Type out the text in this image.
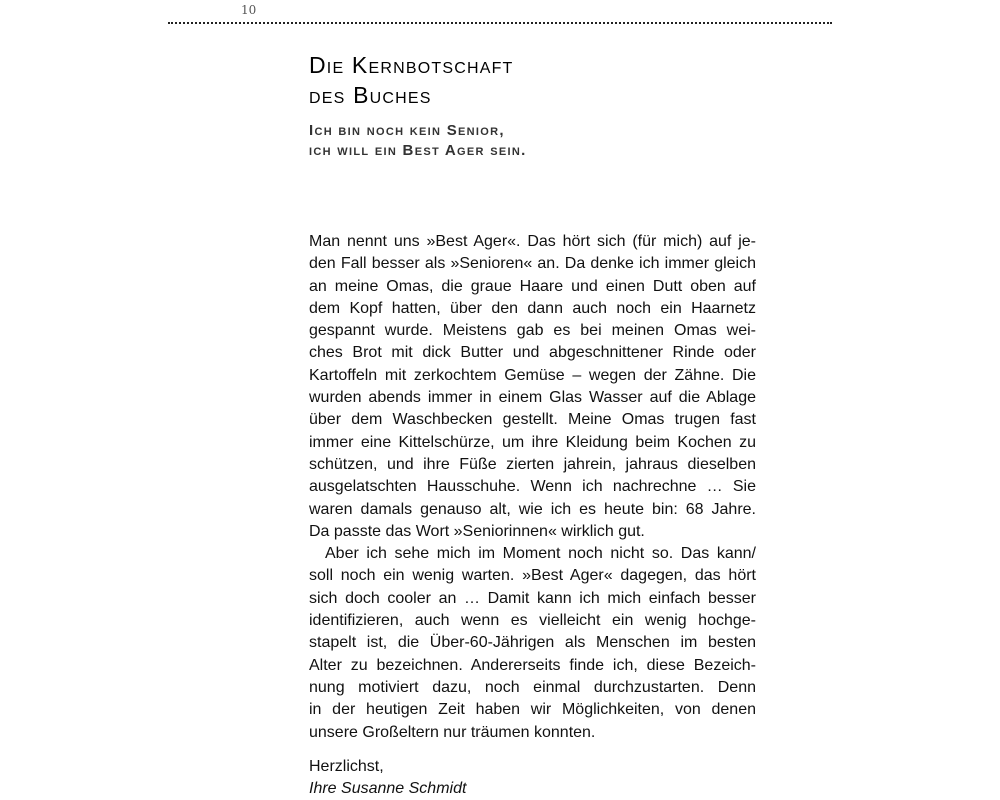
10
Die Kernbotschaft
des Buches
Ich bin noch kein Senior,
ich will ein Best Ager sein.
Man nennt uns »Best Ager«. Das hört sich (für mich) auf je-
den Fall besser als »Senioren« an. Da denke ich immer gleich
an meine Omas, die graue Haare und einen Dutt oben auf
dem Kopf hatten, über den dann auch noch ein Haarnetz
gespannt wurde. Meistens gab es bei meinen Omas wei-
ches Brot mit dick Butter und abgeschnittener Rinde oder
Kartoffeln mit zerkochtem Gemüse – wegen der Zähne. Die
wurden abends immer in einem Glas Wasser auf die Ablage
über dem Waschbecken gestellt. Meine Omas trugen fast
immer eine Kittelschürze, um ihre Kleidung beim Kochen zu
schützen, und ihre Füße zierten jahrein, jahraus dieselben
ausgelatschten Hausschuhe. Wenn ich nachrechne … Sie
waren damals genauso alt, wie ich es heute bin: 68 Jahre.
Da passte das Wort »Seniorinnen« wirklich gut.
Aber ich sehe mich im Moment noch nicht so. Das kann/
soll noch ein wenig warten. »Best Ager« dagegen, das hört
sich doch cooler an … Damit kann ich mich einfach besser
identifizieren, auch wenn es vielleicht ein wenig hochge-
stapelt ist, die Über-60-Jährigen als Menschen im besten
Alter zu bezeichnen. Andererseits finde ich, diese Bezeich-
nung motiviert dazu, noch einmal durchzustarten. Denn
in der heutigen Zeit haben wir Möglichkeiten, von denen
unsere Großeltern nur träumen konnten.
Herzlichst,
Ihre Susanne Schmidt
